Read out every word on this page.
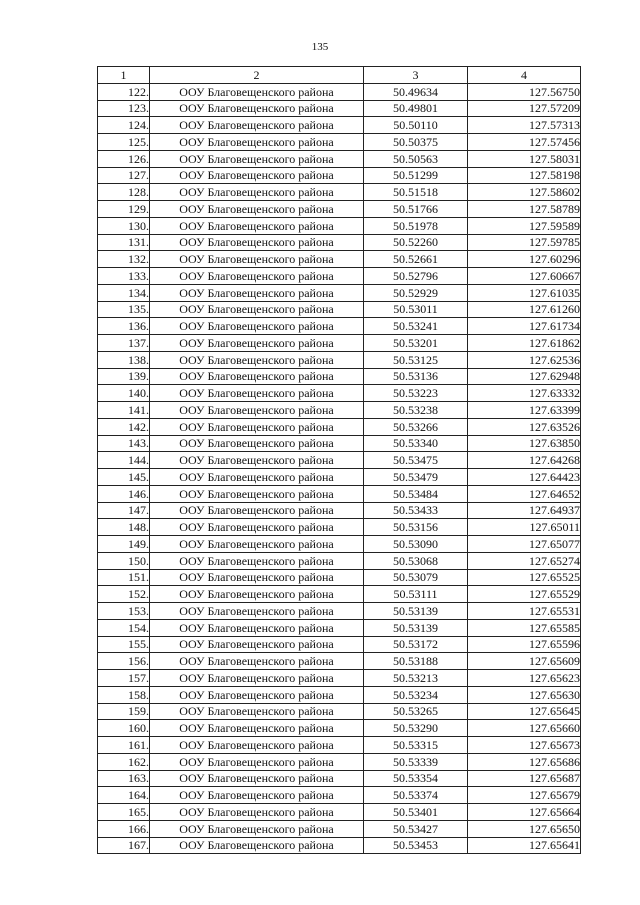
135
1	2	3	4
122.	ООУ Благовещенского района	50.49634	127.56750
123.	ООУ Благовещенского района	50.49801	127.57209
124.	ООУ Благовещенского района	50.50110	127.57313
125.	ООУ Благовещенского района	50.50375	127.57456
126.	ООУ Благовещенского района	50.50563	127.58031
127.	ООУ Благовещенского района	50.51299	127.58198
128.	ООУ Благовещенского района	50.51518	127.58602
129.	ООУ Благовещенского района	50.51766	127.58789
130.	ООУ Благовещенского района	50.51978	127.59589
131.	ООУ Благовещенского района	50.52260	127.59785
132.	ООУ Благовещенского района	50.52661	127.60296
133.	ООУ Благовещенского района	50.52796	127.60667
134.	ООУ Благовещенского района	50.52929	127.61035
135.	ООУ Благовещенского района	50.53011	127.61260
136.	ООУ Благовещенского района	50.53241	127.61734
137.	ООУ Благовещенского района	50.53201	127.61862
138.	ООУ Благовещенского района	50.53125	127.62536
139.	ООУ Благовещенского района	50.53136	127.62948
140.	ООУ Благовещенского района	50.53223	127.63332
141.	ООУ Благовещенского района	50.53238	127.63399
142.	ООУ Благовещенского района	50.53266	127.63526
143.	ООУ Благовещенского района	50.53340	127.63850
144.	ООУ Благовещенского района	50.53475	127.64268
145.	ООУ Благовещенского района	50.53479	127.64423
146.	ООУ Благовещенского района	50.53484	127.64652
147.	ООУ Благовещенского района	50.53433	127.64937
148.	ООУ Благовещенского района	50.53156	127.65011
149.	ООУ Благовещенского района	50.53090	127.65077
150.	ООУ Благовещенского района	50.53068	127.65274
151.	ООУ Благовещенского района	50.53079	127.65525
152.	ООУ Благовещенского района	50.53111	127.65529
153.	ООУ Благовещенского района	50.53139	127.65531
154.	ООУ Благовещенского района	50.53139	127.65585
155.	ООУ Благовещенского района	50.53172	127.65596
156.	ООУ Благовещенского района	50.53188	127.65609
157.	ООУ Благовещенского района	50.53213	127.65623
158.	ООУ Благовещенского района	50.53234	127.65630
159.	ООУ Благовещенского района	50.53265	127.65645
160.	ООУ Благовещенского района	50.53290	127.65660
161.	ООУ Благовещенского района	50.53315	127.65673
162.	ООУ Благовещенского района	50.53339	127.65686
163.	ООУ Благовещенского района	50.53354	127.65687
164.	ООУ Благовещенского района	50.53374	127.65679
165.	ООУ Благовещенского района	50.53401	127.65664
166.	ООУ Благовещенского района	50.53427	127.65650
167.	ООУ Благовещенского района	50.53453	127.65641
